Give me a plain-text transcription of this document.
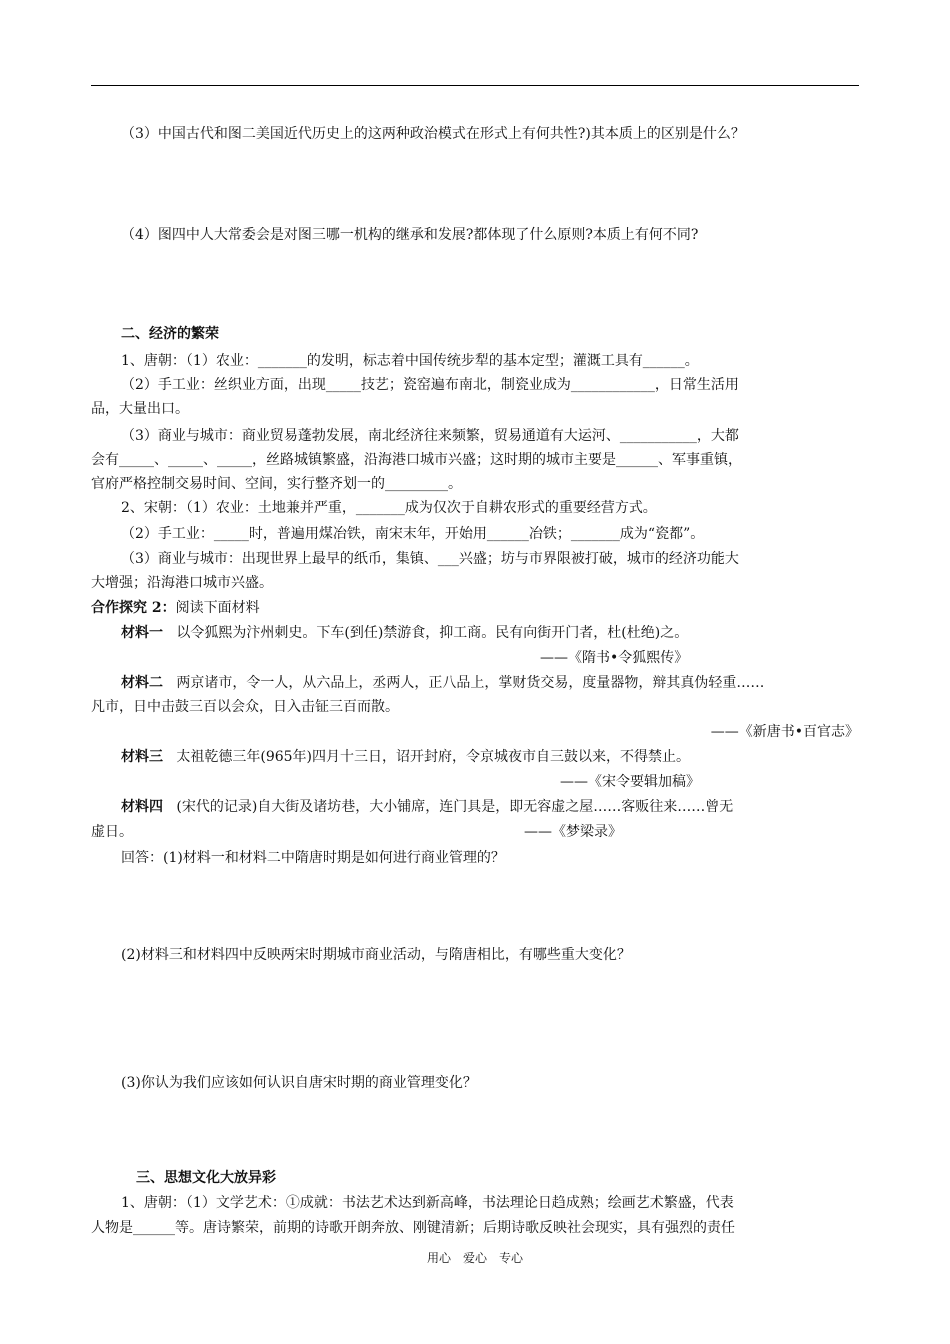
（3）中国古代和图二美国近代历史上的这两种政治模式在形式上有何共性?)其本质上的区别是什么？
（4）图四中人大常委会是对图三哪一机构的继承和发展?都体现了什么原则?本质上有何不同?
二、经济的繁荣
1、唐朝：（1）农业：_______的发明，标志着中国传统步犁的基本定型；灌溉工具有______。
（2）手工业：丝织业方面，出现_____技艺；瓷窑遍布南北，制瓷业成为____________，日常生活用
品，大量出口。
（3）商业与城市：商业贸易蓬勃发展，南北经济往来频繁，贸易通道有大运河、___________，大都
会有_____、_____、_____，丝路城镇繁盛，沿海港口城市兴盛；这时期的城市主要是______、军事重镇，
官府严格控制交易时间、空间，实行整齐划一的_________。
2、宋朝：（1）农业：土地兼并严重，_______成为仅次于自耕农形式的重要经营方式。
（2）手工业：_____时，普遍用煤冶铁，南宋末年，开始用______冶铁；_______成为“瓷都”。
（3）商业与城市：出现世界上最早的纸币，集镇、___兴盛；坊与市界限被打破，城市的经济功能大
大增强；沿海港口城市兴盛。
合作探究 2：阅读下面材料
材料一 以令狐熙为汴州刺史。下车(到任)禁游食，抑工商。民有向街开门者，杜(杜绝)之。
——《隋书•令狐熙传》
材料二 两京诸市，令一人，从六品上，丞两人，正八品上，掌财货交易，度量器物，辩其真伪轻重……
凡市，日中击鼓三百以会众，日入击钲三百而散。
——《新唐书•百官志》
材料三 太祖乾德三年(965年)四月十三日，诏开封府，令京城夜市自三鼓以来，不得禁止。
——《宋令要辑加稿》
材料四 (宋代的记录)自大街及诸坊巷，大小铺席，连门具是，即无容虚之屋……客贩往来……曾无
虚日。	——《梦梁录》
回答：(1)材料一和材料二中隋唐时期是如何进行商业管理的？
(2)材料三和材料四中反映两宋时期城市商业活动，与隋唐相比，有哪些重大变化？
(3)你认为我们应该如何认识自唐宋时期的商业管理变化？
三、思想文化大放异彩
1、唐朝：（1）文学艺术：①成就：书法艺术达到新高峰，书法理论日趋成熟；绘画艺术繁盛，代表
人物是______等。唐诗繁荣，前期的诗歌开朗奔放、刚键清新；后期诗歌反映社会现实，具有强烈的责任
用心　爱心　专心
